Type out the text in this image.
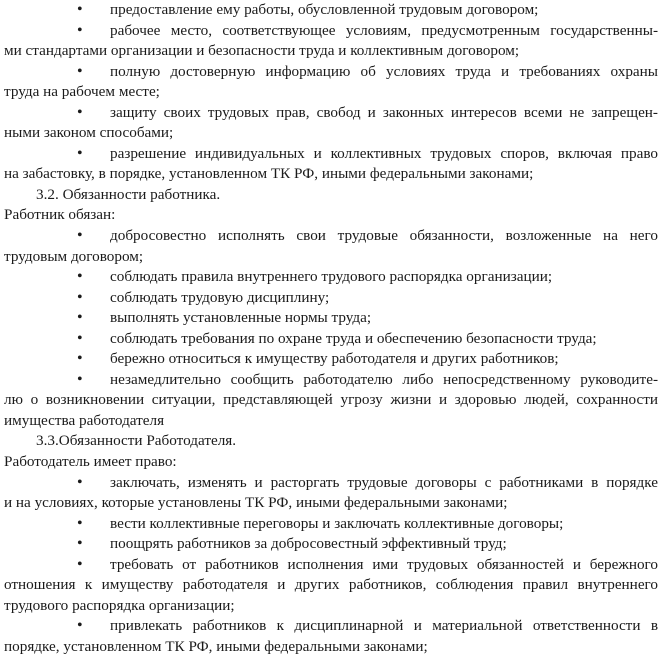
• предоставление ему работы, обусловленной трудовым договором;
• рабочее место, соответствующее условиям, предусмотренным государственны-
ми стандартами организации и безопасности труда и коллективным договором;
• полную достоверную информацию об условиях труда и требованиях охраны
труда на рабочем месте;
• защиту своих трудовых прав, свобод и законных интересов всеми не запрещен-
ными законом способами;
• разрешение индивидуальных и коллективных трудовых споров, включая право
на забастовку, в порядке, установленном ТК РФ, иными федеральными законами;
3.2. Обязанности работника.
Работник обязан:
• добросовестно исполнять свои трудовые обязанности, возложенные на него
трудовым договором;
• соблюдать правила внутреннего трудового распорядка организации;
• соблюдать трудовую дисциплину;
• выполнять установленные нормы труда;
• соблюдать требования по охране труда и обеспечению безопасности труда;
• бережно относиться к имуществу работодателя и других работников;
• незамедлительно сообщить работодателю либо непосредственному руководите-
лю о возникновении ситуации, представляющей угрозу жизни и здоровью людей, сохранности
имущества работодателя
3.3.Обязанности Работодателя.
Работодатель имеет право:
• заключать, изменять и расторгать трудовые договоры с работниками в порядке
и на условиях, которые установлены ТК РФ, иными федеральными законами;
• вести коллективные переговоры и заключать коллективные договоры;
• поощрять работников за добросовестный эффективный труд;
• требовать от работников исполнения ими трудовых обязанностей и бережного
отношения к имуществу работодателя и других работников, соблюдения правил внутреннего
трудового распорядка организации;
• привлекать работников к дисциплинарной и материальной ответственности в
порядке, установленном ТК РФ, иными федеральными законами;
